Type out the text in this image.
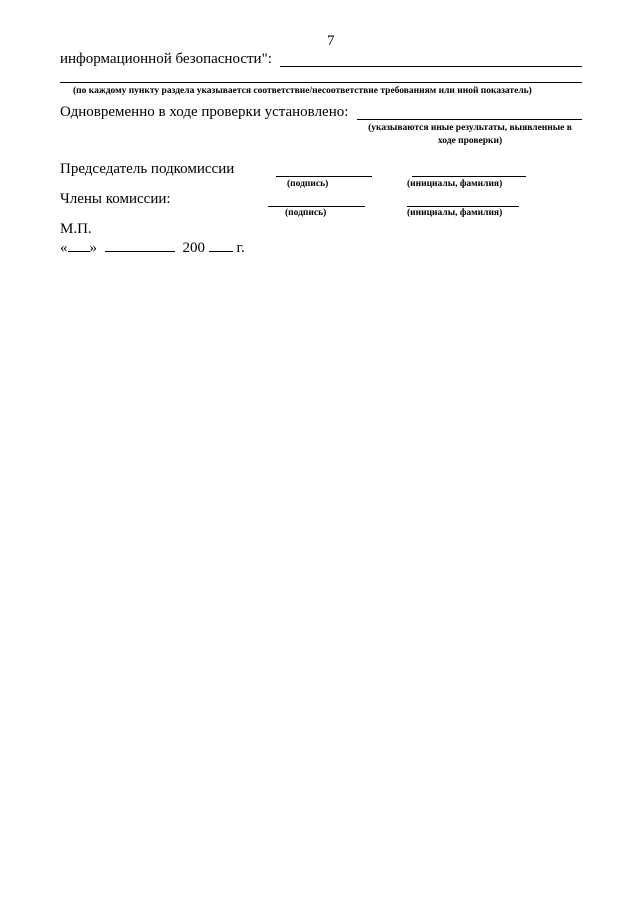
7
информационной безопасности":
(по каждому пункту раздела указывается соответствие/несоответствие требованиям или иной показатель)
Одновременно в ходе проверки установлено:
(указываются иные результаты, выявленные в
ходе проверки)
Председатель подкомиссии
(подпись)	(инициалы, фамилия)
Члены комиссии:
(подпись)	(инициалы, фамилия)
М.П.
« »	200 г.
